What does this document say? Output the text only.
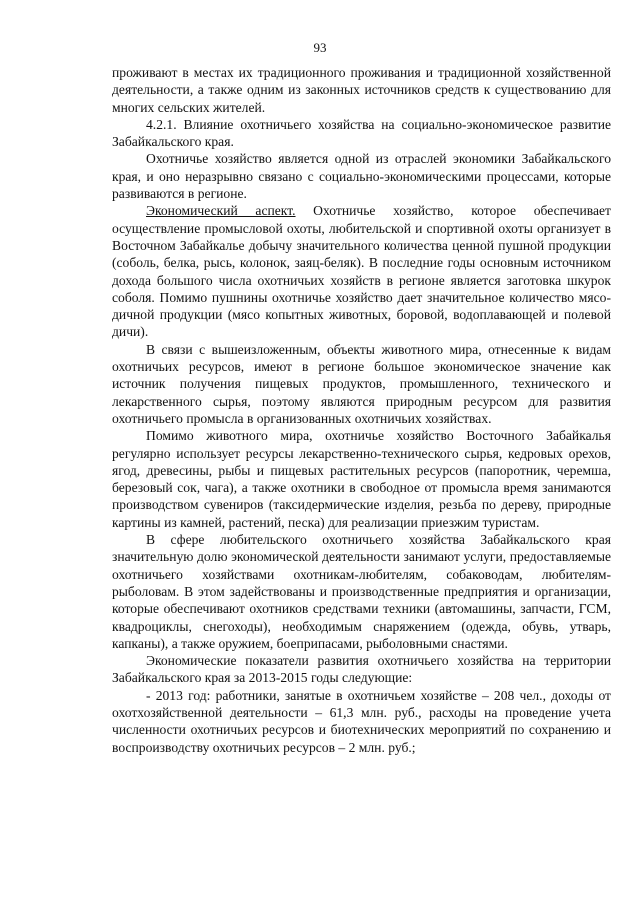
93

проживают в местах их традиционного проживания и традиционной хозяйственной деятельности, а также одним из законных источников средств к существованию для многих сельских жителей.

4.2.1. Влияние охотничьего хозяйства на социально-экономическое развитие Забайкальского края.

Охотничье хозяйство является одной из отраслей экономики Забайкальского края, и оно неразрывно связано с социально-экономическими процессами, которые развиваются в регионе.

Экономический аспект. Охотничье хозяйство, которое обеспечивает осуществление промысловой охоты, любительской и спортивной охоты организует в Восточном Забайкалье добычу значительного количества ценной пушной продукции (соболь, белка, рысь, колонок, заяц-беляк). В последние годы основным источником дохода большого числа охотничьих хозяйств в регионе является заготовка шкурок соболя. Помимо пушнины охотничье хозяйство дает значительное количество мясо-дичной продукции (мясо копытных животных, боровой, водоплавающей и полевой дичи).

В связи с вышеизложенным, объекты животного мира, отнесенные к видам охотничьих ресурсов, имеют в регионе большое экономическое значение как источник получения пищевых продуктов, промышленного, технического и лекарственного сырья, поэтому являются природным ресурсом для развития охотничьего промысла в организованных охотничьих хозяйствах.

Помимо животного мира, охотничье хозяйство Восточного Забайкалья регулярно использует ресурсы лекарственно-технического сырья, кедровых орехов, ягод, древесины, рыбы и пищевых растительных ресурсов (папоротник, черемша, березовый сок, чага), а также охотники в свободное от промысла время занимаются производством сувениров (таксидермические изделия, резьба по дереву, природные картины из камней, растений, песка) для реализации приезжим туристам.

В сфере любительского охотничьего хозяйства Забайкальского края значительную долю экономической деятельности занимают услуги, предоставляемые охотничьего хозяйствами охотникам-любителям, собаководам, любителям-рыболовам. В этом задействованы и производственные предприятия и организации, которые обеспечивают охотников средствами техники (автомашины, запчасти, ГСМ, квадроциклы, снегоходы), необходимым снаряжением (одежда, обувь, утварь, капканы), а также оружием, боеприпасами, рыболовными снастями.

Экономические показатели развития охотничьего хозяйства на территории Забайкальского края за 2013-2015 годы следующие:

- 2013 год: работники, занятые в охотничьем хозяйстве – 208 чел., доходы от охотхозяйственной деятельности – 61,3 млн. руб., расходы на проведение учета численности охотничьих ресурсов и биотехнических мероприятий по сохранению и воспроизводству охотничьих ресурсов – 2 млн. руб.;
